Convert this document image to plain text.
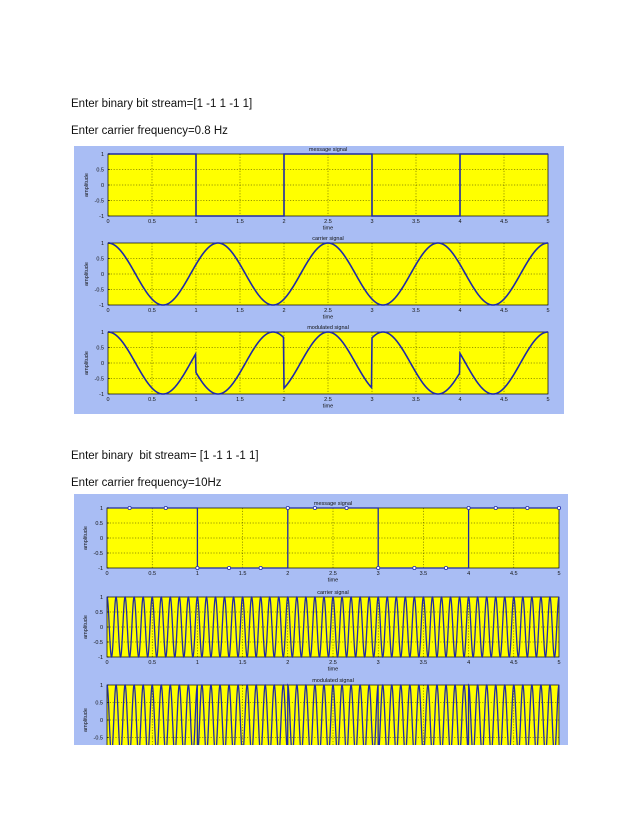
Enter binary bit stream=[1 -1 1 -1 1]
Enter carrier frequency=0.8 Hz
-1
-0.5
0
0.5
1
0	0.5	1	1.5	2	2.5	3	3.5	4	4.5	5
time
message signal
amplitude
-1
-0.5
0
0.5
1
0	0.5	1	1.5	2	2.5	3	3.5	4	4.5	5
time
carrier signal
amplitude
-1
-0.5
0
0.5
1
0	0.5	1	1.5	2	2.5	3	3.5	4	4.5	5
time
modulated signal
amplitude
Enter binary  bit stream= [1 -1 1 -1 1]
Enter carrier frequency=10Hz
-1
-0.5
0
0.5
1
0	0.5	1	1.5	2	2.5	3	3.5	4	4.5	5
time
message signal
amplitude
-1
-0.5
0
0.5
1
0	0.5	1	1.5	2	2.5	3	3.5	4	4.5	5
time
carrier signal
amplitude
-0.5
0
0.5
1
modulated signal
amplitude
